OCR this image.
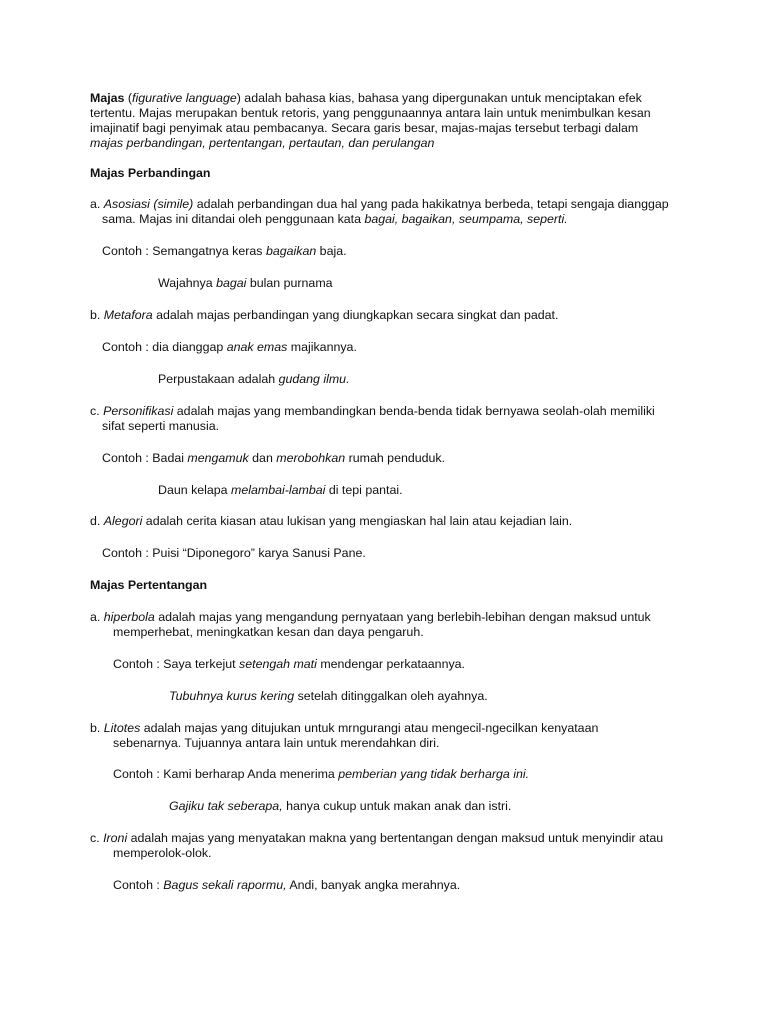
Majas (figurative language) adalah bahasa kias, bahasa yang dipergunakan untuk menciptakan efek
tertentu. Majas merupakan bentuk retoris, yang penggunaannya antara lain untuk menimbulkan kesan
imajinatif bagi penyimak atau pembacanya. Secara garis besar, majas-majas tersebut terbagi dalam
majas perbandingan, pertentangan, pertautan, dan perulangan

Majas Perbandingan

a. Asosiasi (simile) adalah perbandingan dua hal yang pada hakikatnya berbeda, tetapi sengaja dianggap
sama. Majas ini ditandai oleh penggunaan kata bagai, bagaikan, seumpama, seperti.

Contoh : Semangatnya keras bagaikan baja.

Wajahnya bagai bulan purnama

b. Metafora adalah majas perbandingan yang diungkapkan secara singkat dan padat.

Contoh : dia dianggap anak emas majikannya.

Perpustakaan adalah gudang ilmu.

c. Personifikasi adalah majas yang membandingkan benda-benda tidak bernyawa seolah-olah memiliki
sifat seperti manusia.

Contoh : Badai mengamuk dan merobohkan rumah penduduk.

Daun kelapa melambai-lambai di tepi pantai.

d. Alegori adalah cerita kiasan atau lukisan yang mengiaskan hal lain atau kejadian lain.

Contoh : Puisi “Diponegoro” karya Sanusi Pane.

Majas Pertentangan

a. hiperbola adalah majas yang mengandung pernyataan yang berlebih-lebihan dengan maksud untuk
memperhebat, meningkatkan kesan dan daya pengaruh.

Contoh : Saya terkejut setengah mati mendengar perkataannya.

Tubuhnya kurus kering setelah ditinggalkan oleh ayahnya.

b. Litotes adalah majas yang ditujukan untuk mrngurangi atau mengecil-ngecilkan kenyataan
sebenarnya. Tujuannya antara lain untuk merendahkan diri.

Contoh : Kami berharap Anda menerima pemberian yang tidak berharga ini.

Gajiku tak seberapa, hanya cukup untuk makan anak dan istri.

c. Ironi adalah majas yang menyatakan makna yang bertentangan dengan maksud untuk menyindir atau
memperolok-olok.

Contoh : Bagus sekali rapormu, Andi, banyak angka merahnya.
